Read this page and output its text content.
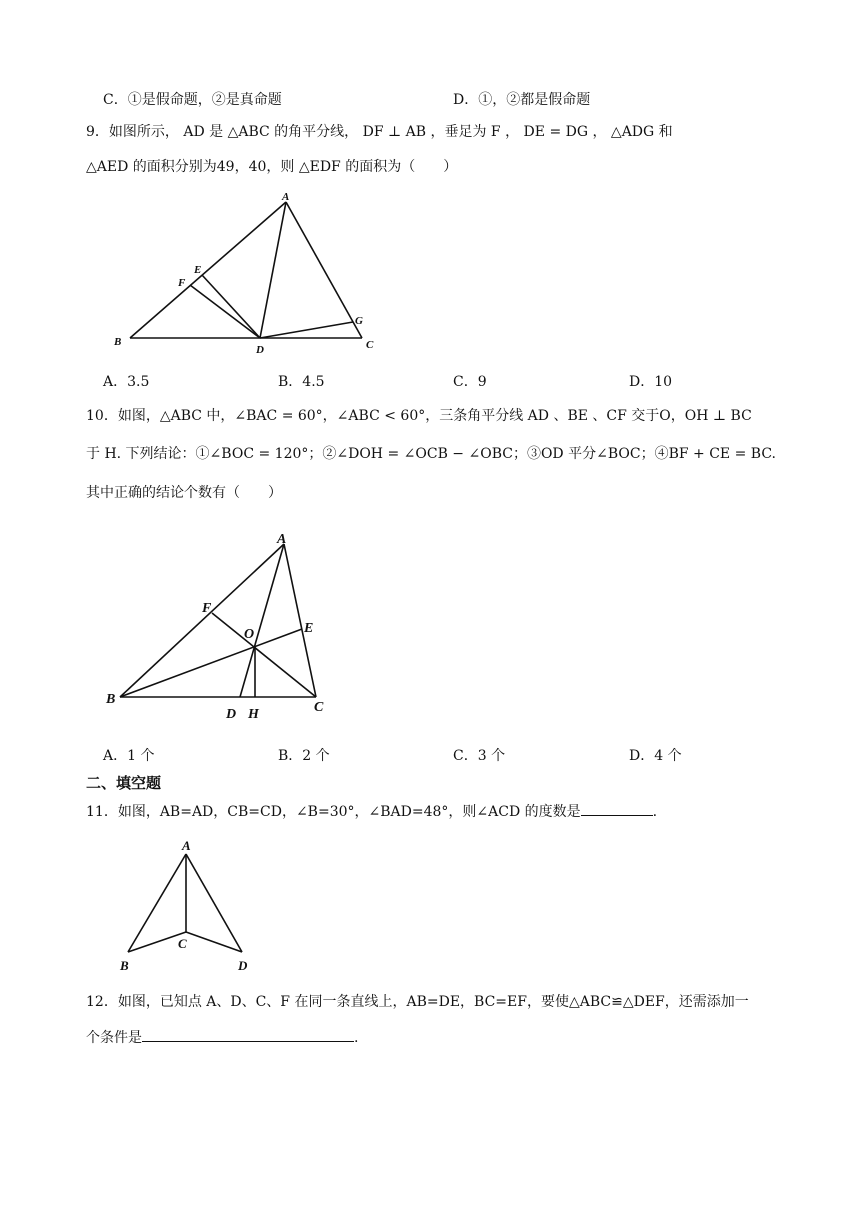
C．①是假命题，②是真命题	D．①，②都是假命题
9．如图所示， AD 是 △ABC 的角平分线， DF ⊥ AB ，垂足为 F ， DE = DG ， △ADG 和
△AED 的面积分别为49，40，则 △EDF 的面积为（　　）
A
B	C
D
E
F
G
A．3.5	B．4.5	C．9	D．10
10．如图，△ABC 中，∠BAC = 60°，∠ABC < 60°，三条角平分线 AD 、BE 、CF 交于O，OH ⊥ BC
于 H. 下列结论：①∠BOC = 120°；②∠DOH = ∠OCB − ∠OBC；③OD 平分∠BOC；④BF + CE = BC.
其中正确的结论个数有（　　）
A
B
C
D
E
F
H
O
A．1 个	B．2 个	C．3 个	D．4 个
二、填空题
11．如图，AB=AD，CB=CD，∠B=30°，∠BAD=48°，则∠ACD 的度数是	.
A
B
C
D
12．如图，已知点 A、D、C、F 在同一条直线上，AB=DE，BC=EF，要使△ABC≌△DEF，还需添加一
个条件是	.
